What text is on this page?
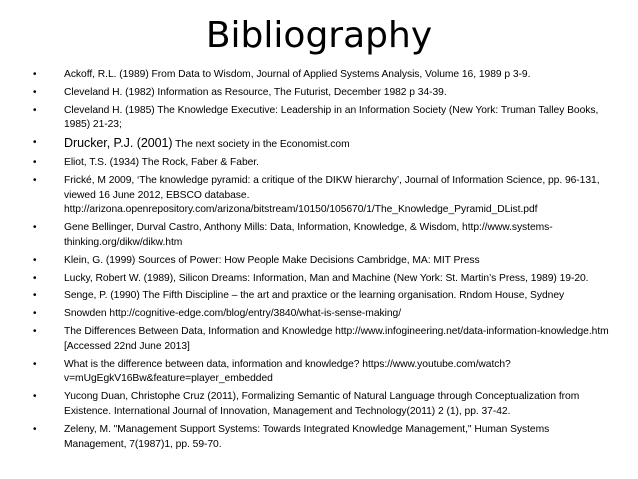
Bibliography
•	Ackoff, R.L. (1989) From Data to Wisdom, Journal of Applied Systems Analysis, Volume 16, 1989 p 3-9.
•	Cleveland H. (1982) Information as Resource, The Futurist, December 1982 p 34-39.
•	Cleveland H. (1985) The Knowledge Executive: Leadership in an Information Society (New York: Truman Talley Books, 1985) 21-23;
• Drucker, P.J. (2001) The next society in the Economist.com
•	Eliot, T.S. (1934) The Rock, Faber & Faber.
•	Frické, M 2009, ‘The knowledge pyramid: a critique of the DIKW hierarchy’, Journal of Information Science, pp. 96-131, viewed 16 June 2012, EBSCO database. http://arizona.openrepository.com/arizona/bitstream/10150/105670/1/The_Knowledge_Pyramid_DList.pdf
•	Gene Bellinger, Durval Castro, Anthony Mills: Data, Information, Knowledge, & Wisdom, http://www.systems-thinking.org/dikw/dikw.htm
•	Klein, G. (1999) Sources of Power: How People Make Decisions Cambridge, MA: MIT Press
•	Lucky, Robert W. (1989), Silicon Dreams: Information, Man and Machine (New York: St. Martin’s Press, 1989) 19-20.
•	Senge, P. (1990) The Fifth Discipline – the art and praxtice or the learning organisation. Rndom House, Sydney
•	Snowden http://cognitive-edge.com/blog/entry/3840/what-is-sense-making/
•	The Differences Between Data, Information and Knowledge http://www.infogineering.net/data-information-knowledge.htm [Accessed 22nd June 2013]
•	What is the difference between data, information and knowledge? https://www.youtube.com/watch?v=mUgEgkV16Bw&feature=player_embedded
•	Yucong Duan, Christophe Cruz (2011), Formalizing Semantic of Natural Language through Conceptualization from Existence. International Journal of Innovation, Management and Technology(2011) 2 (1), pp. 37-42.
•	Zeleny, M. "Management Support Systems: Towards Integrated Knowledge Management," Human Systems Management, 7(1987)1, pp. 59-70.
